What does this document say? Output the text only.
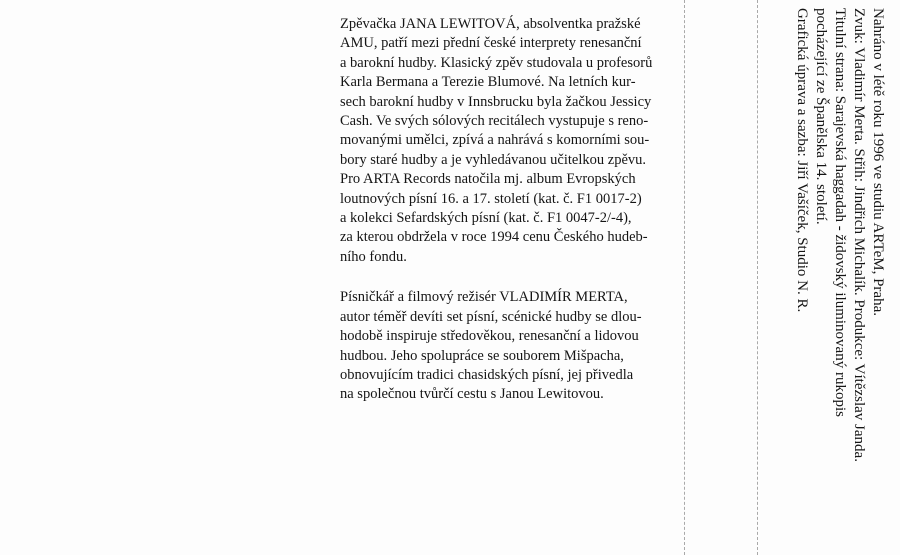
Zpěvačka JANA LEWITOVÁ, absolventka pražské
AMU, patří mezi přední české interprety renesanční
a barokní hudby. Klasický zpěv studovala u profesorů
Karla Bermana a Terezie Blumové. Na letních kur-
sech barokní hudby v Innsbrucku byla žačkou Jessicy
Cash. Ve svých sólových recitálech vystupuje s reno-
movanými umělci, zpívá a nahrává s komorními sou-
bory staré hudby a je vyhledávanou učitelkou zpěvu.
Pro ARTA Records natočila mj. album Evropských
loutnových písní 16. a 17. století (kat. č. F1 0017-2)
a kolekci Sefardských písní (kat. č. F1 0047-2/-4),
za kterou obdržela v roce 1994 cenu Českého hudeb-
ního fondu.

Písničkář a filmový režisér VLADIMÍR MERTA,
autor téměř devíti set písní, scénické hudby se dlou-
hodobě inspiruje středověkou, renesanční a lidovou
hudbou. Jeho spolupráce se souborem Mišpacha,
obnovujícím tradici chasidských písní, jej přivedla
na společnou tvůrčí cestu s Janou Lewitovou.

Nahráno v létě roku 1996 ve studiu ARTeM, Praha.
Zvuk: Vladimír Merta. Střih: Jindřich Michalík. Produkce: Vítězslav Janda.
Titulní strana: Sarajevská haggadah - židovský iluminovaný rukopis
pocházející ze Španělska 14. století.
Grafická úprava a sazba: Jiří Vašíček, Studio N. R.
